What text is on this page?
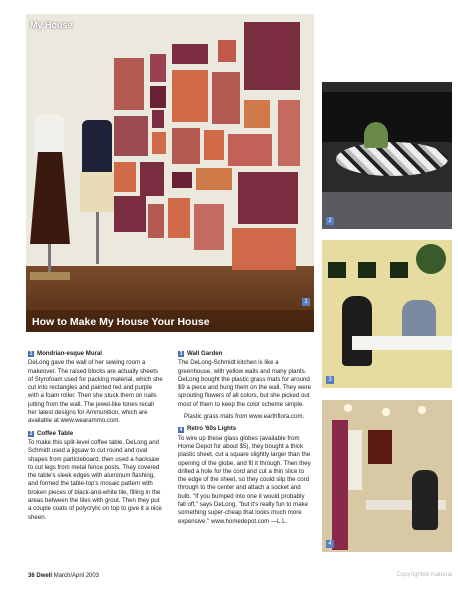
My House
How to Make My House Your House
1
2
3
4
1 Mondrian-esque Mural

DeLong gave the wall of her sewing room a makeover. The raised blocks are actually sheets of Styrofoam used for packing material, which she cut into rectangles and painted red and purple with a foam roller. Then she stuck them on nails jutting from the wall. The jewel-like tones recall her latest designs for Ammunition, which are available at www.wearammo.com.

2 Coffee Table

To make this split-level coffee table, DeLong and Schmidt used a jigsaw to cut round and oval shapes from particleboard, then used a hacksaw to cut legs from metal fence posts. They covered the table's sleek edges with aluminum flashing, and formed the table-top's mosaic pattern with broken pieces of black-and-white tile, filling in the areas between the tiles with grout. Then they put a couple coats of polycrylic on top to give it a nice sheen.

3 Wall Garden

The DeLong-Schmidt kitchen is like a greenhouse, with yellow walls and many plants. DeLong bought the plastic grass mats for around $9 a piece and hung them on the wall. They were sprouting flowers of all colors, but she picked out most of them to keep the color scheme simple.

Plastic grass mats from www.earthflora.com.

4 Retro '60s Lights

To wire up these glass globes (available from Home Depot for about $5), they bought a thick plastic sheet, cut a square slightly larger than the opening of the globe, and fit it through. Then they drilled a hole for the cord and cut a thin slice to the edge of the sheet, so they could slip the cord through to the center and attach a socket and bulb. "If you bumped into one it would probably fall off," says DeLong, "but it's really fun to make something super-cheap that looks much more expensive." www.homedepot.com —L.L.

36 Dwell March/April 2003	Copyrighted material
